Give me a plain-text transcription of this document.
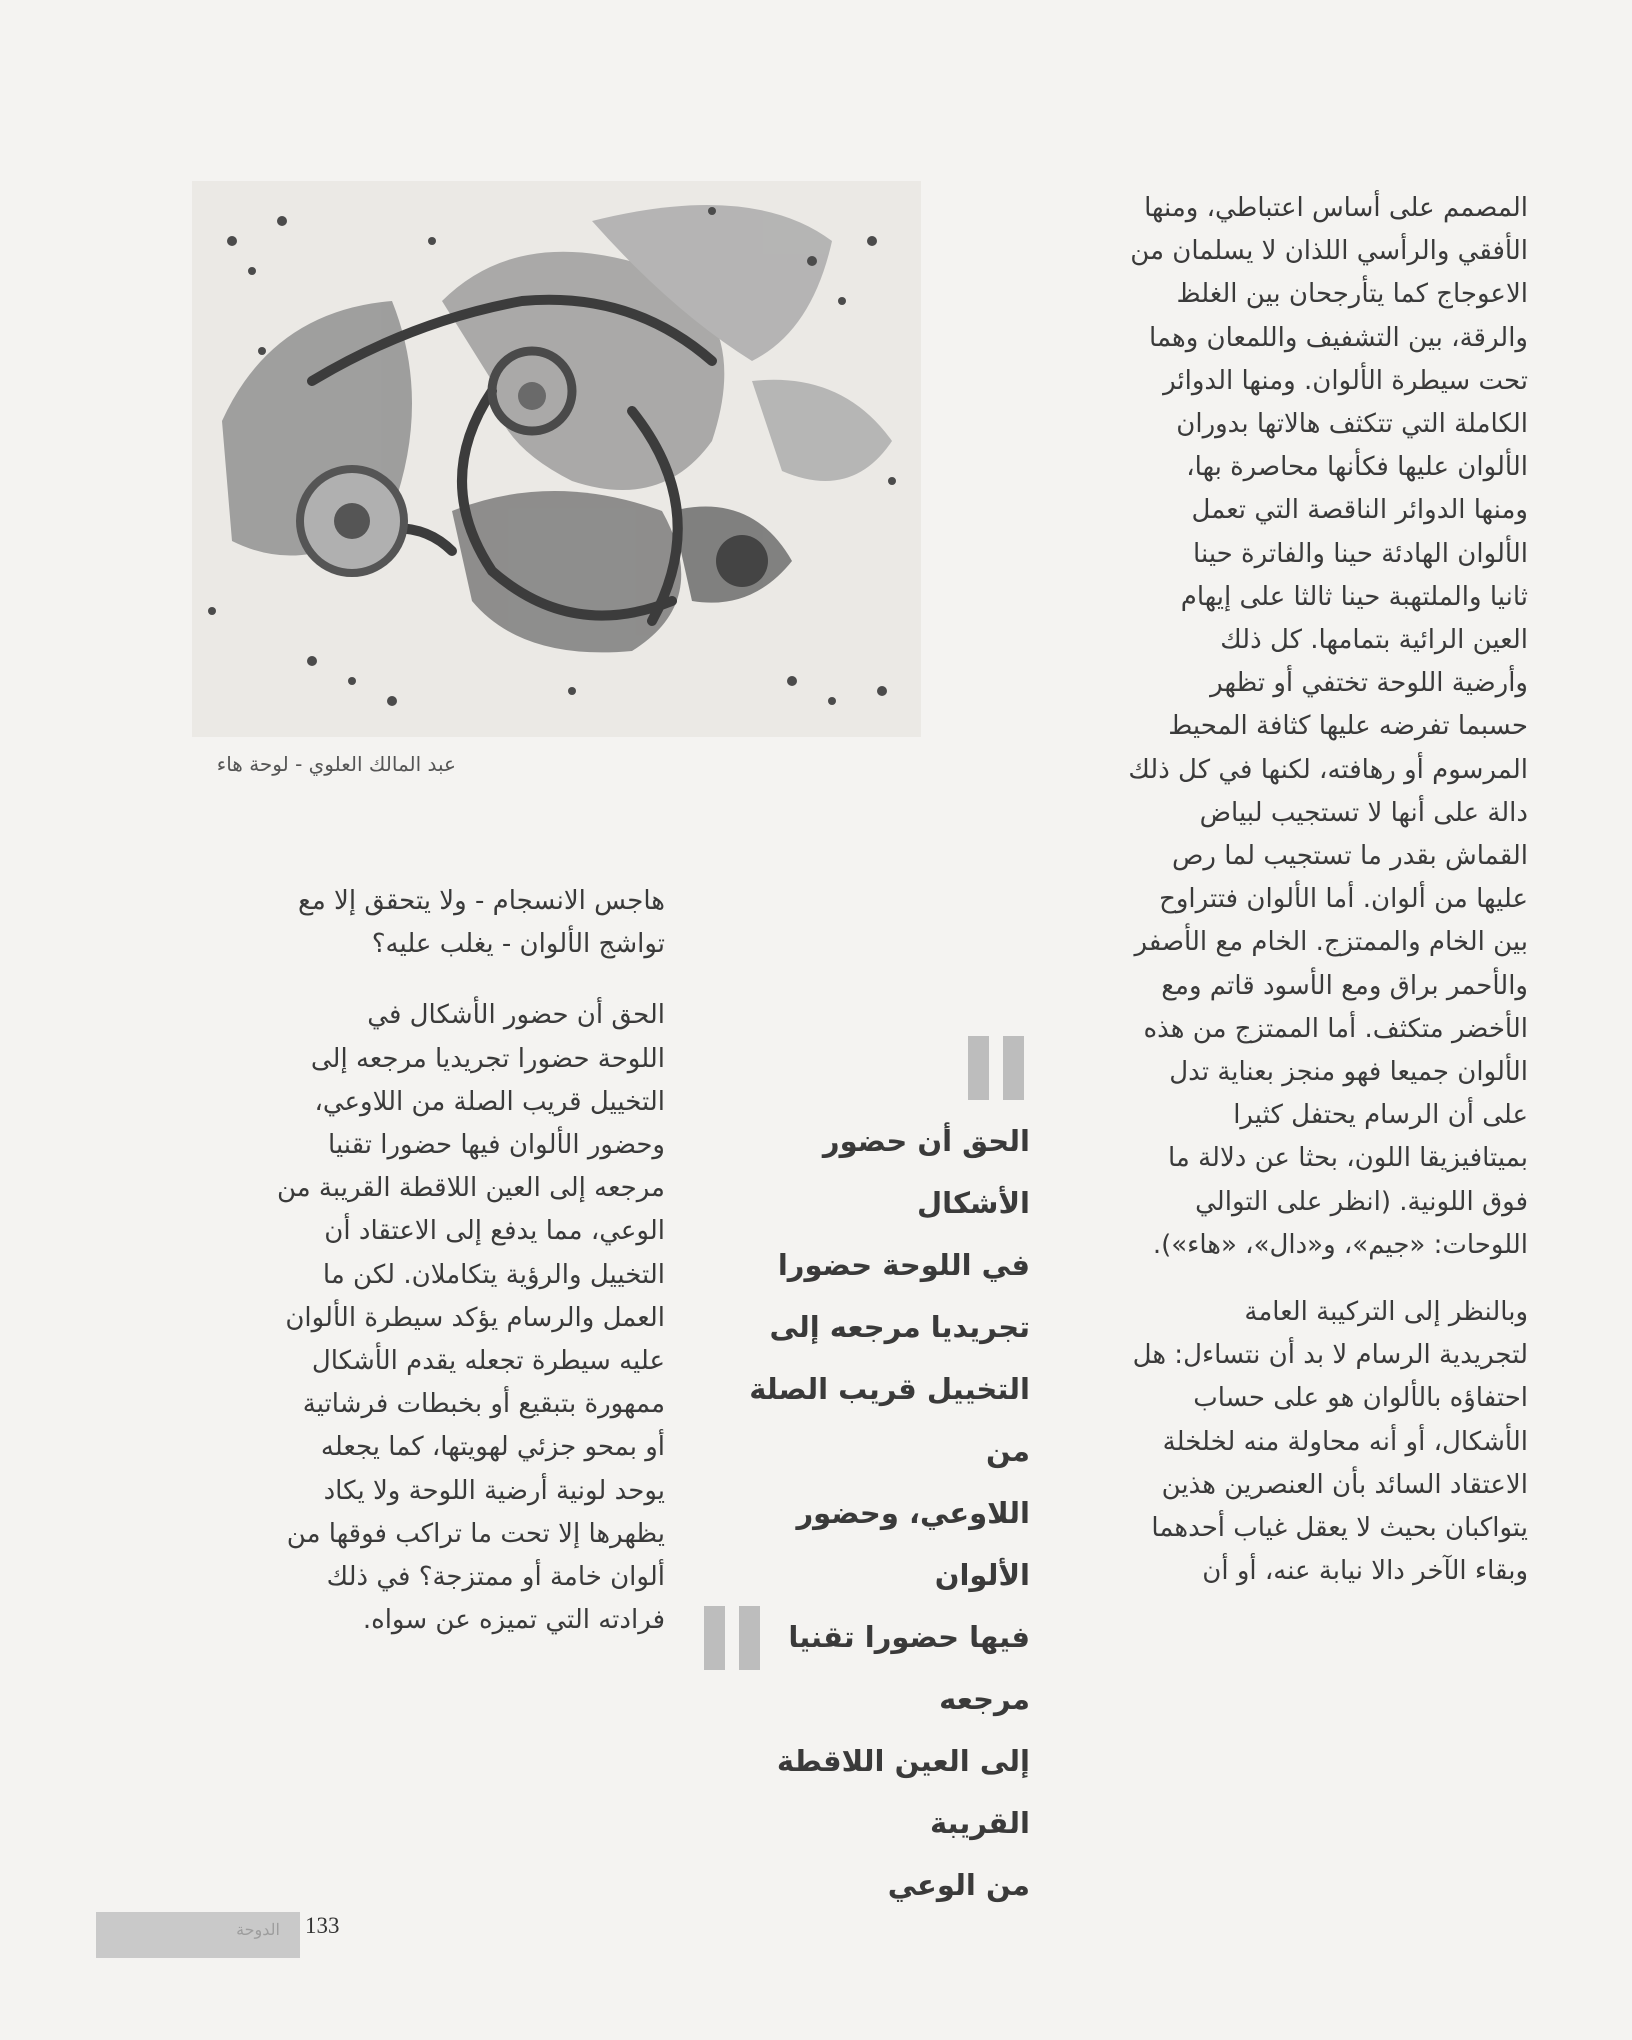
المصمم على أساس اعتباطي، ومنها
الأفقي والرأسي اللذان لا يسلمان من
الاعوجاج كما يتأرجحان بين الغلظ
والرقة، بين التشفيف واللمعان وهما
تحت سيطرة الألوان. ومنها الدوائر
الكاملة التي تتكثف هالاتها بدوران
الألوان عليها فكأنها محاصرة بها،
ومنها الدوائر الناقصة التي تعمل
الألوان الهادئة حينا والفاترة حينا
ثانيا والملتهبة حينا ثالثا على إيهام
العين الرائية بتمامها. كل ذلك
وأرضية اللوحة تختفي أو تظهر
حسبما تفرضه عليها كثافة المحيط
المرسوم أو رهافته، لكنها في كل ذلك
دالة على أنها لا تستجيب لبياض
القماش بقدر ما تستجيب لما رص
عليها من ألوان. أما الألوان فتتراوح
بين الخام والممتزج. الخام مع الأصفر
والأحمر براق ومع الأسود قاتم ومع
الأخضر متكثف. أما الممتزج من هذه
الألوان جميعا فهو منجز بعناية تدل
على أن الرسام يحتفل كثيرا
بميتافيزيقا اللون، بحثا عن دلالة ما
فوق اللونية. (انظر على التوالي
اللوحات: «جيم»، و«دال»، «هاء»).

وبالنظر إلى التركيبة العامة
لتجريدية الرسام لا بد أن نتساءل: هل
احتفاؤه بالألوان هو على حساب
الأشكال، أو أنه محاولة منه لخلخلة
الاعتقاد السائد بأن العنصرين هذين
يتواكبان بحيث لا يعقل غياب أحدهما
وبقاء الآخر دالا نيابة عنه، أو أن

عبد المالك العلوي - لوحة هاء
الحق أن حضور الأشكال
في اللوحة حضورا
تجريديا مرجعه إلى
التخييل قريب الصلة من
اللاوعي، وحضور الألوان
فيها حضورا تقنيا مرجعه
إلى العين اللاقطة القريبة
من الوعي

هاجس الانسجام - ولا يتحقق إلا مع
تواشج الألوان - يغلب عليه؟

الحق أن حضور الأشكال في
اللوحة حضورا تجريديا مرجعه إلى
التخييل قريب الصلة من اللاوعي،
وحضور الألوان فيها حضورا تقنيا
مرجعه إلى العين اللاقطة القريبة من
الوعي، مما يدفع إلى الاعتقاد أن
التخييل والرؤية يتكاملان. لكن ما
العمل والرسام يؤكد سيطرة الألوان
عليه سيطرة تجعله يقدم الأشكال
ممهورة بتبقيع أو بخبطات فرشاتية
أو بمحو جزئي لهويتها، كما يجعله
يوحد لونية أرضية اللوحة ولا يكاد
يظهرها إلا تحت ما تراكب فوقها من
ألوان خامة أو ممتزجة؟ في ذلك
فرادته التي تميزه عن سواه.

الدوحة 133
